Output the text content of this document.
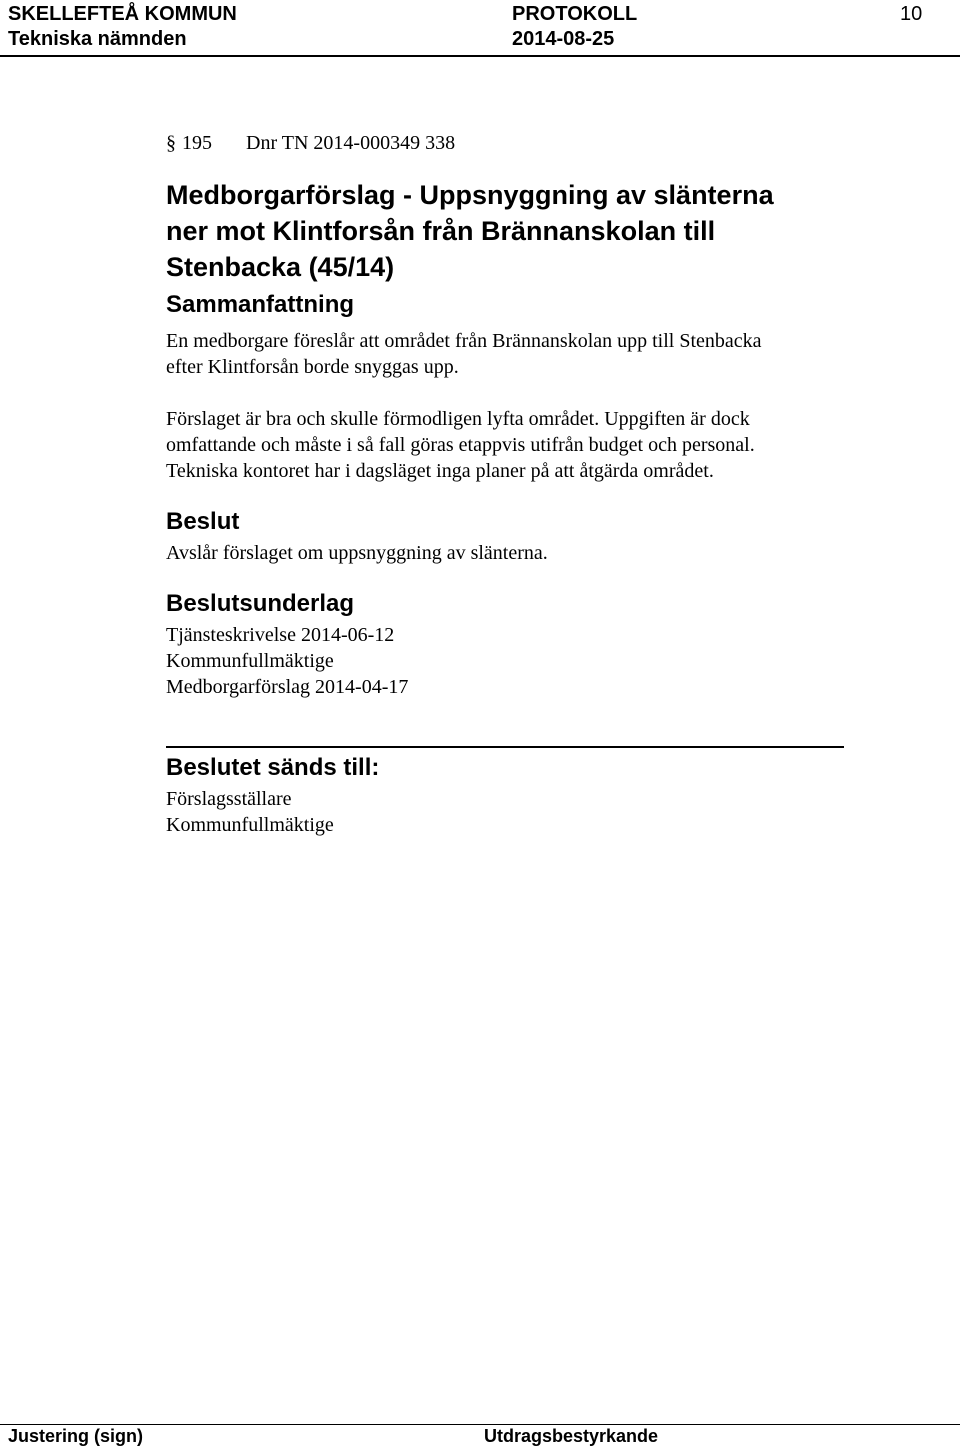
SKELLEFTEÅ KOMMUN	PROTOKOLL	10
Tekniska nämnden	2014-08-25
§ 195 Dnr TN 2014-000349 338
Medborgarförslag - Uppsnyggning av slänterna
ner mot Klintforsån från Brännanskolan till
Stenbacka (45/14)
Sammanfattning
En medborgare föreslår att området från Brännanskolan upp till Stenbacka
efter Klintforsån borde snyggas upp.
Förslaget är bra och skulle förmodligen lyfta området. Uppgiften är dock
omfattande och måste i så fall göras etappvis utifrån budget och personal.
Tekniska kontoret har i dagsläget inga planer på att åtgärda området.
Beslut
Avslår förslaget om uppsnyggning av slänterna.
Beslutsunderlag
Tjänsteskrivelse 2014-06-12
Kommunfullmäktige
Medborgarförslag 2014-04-17
Beslutet sänds till:
Förslagsställare
Kommunfullmäktige
Justering (sign)	Utdragsbestyrkande
